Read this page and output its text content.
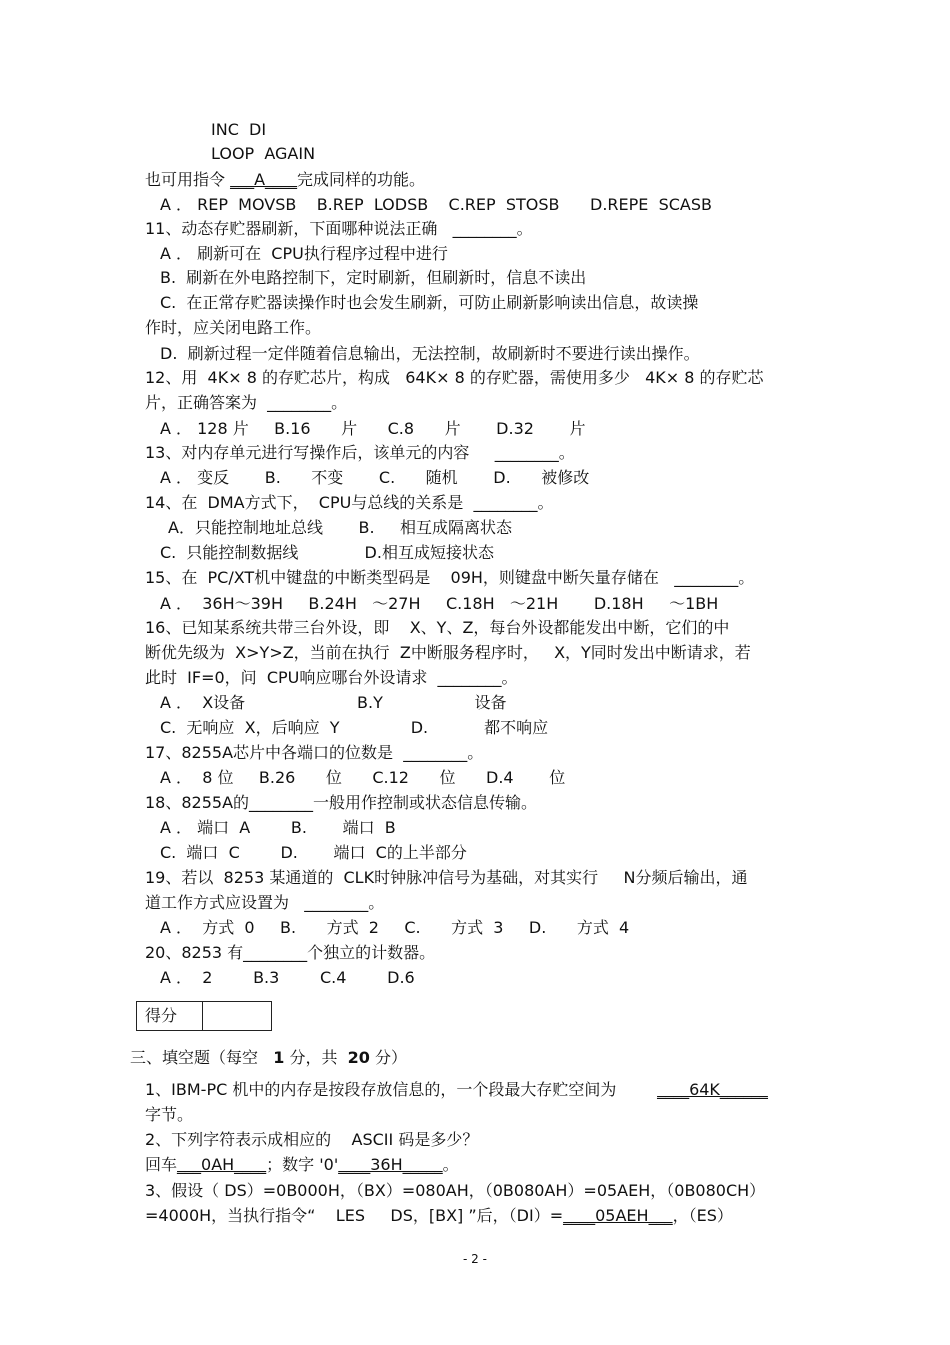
INC  DI
LOOP  AGAIN
也可用指令 ___A____完成同样的功能。
A ． REP  MOVSB    B.REP  LODSB    C.REP  STOSB      D.REPE  SCASB
11、动态存贮器刷新，下面哪种说法正确   ________。
A ． 刷新可在  CPU执行程序过程中进行
B.  刷新在外电路控制下，定时刷新，但刷新时，信息不读出
C.  在正常存贮器读操作时也会发生刷新，可防止刷新影响读出信息，故读操
作时，应关闭电路工作。
D.  刷新过程一定伴随着信息输出，无法控制，故刷新时不要进行读出操作。
12、用  4K× 8 的存贮芯片，构成   64K× 8 的存贮器，需使用多少   4K× 8 的存贮芯
片，正确答案为  ________。
A ． 128 片     B.16      片      C.8      片       D.32       片
13、对内存单元进行写操作后，该单元的内容     ________。
A ． 变反       B.      不变       C.      随机       D.      被修改
14、在  DMA方式下，  CPU与总线的关系是  ________。
A．只能控制地址总线       B.     相互成隔离状态
C.  只能控制数据线             D.相互成短接状态
15、在  PC/XT机中键盘的中断类型码是    09H，则键盘中断矢量存储在   ________。
A ．  36H～39H     B.24H   ～27H     C.18H   ～21H       D.18H     ～1BH
16、已知某系统共带三台外设，即    X、Y、Z，每台外设都能发出中断，它们的中
断优先级为  X>Y>Z，当前在执行  Z中断服务程序时，   X，Y同时发出中断请求，若
此时  IF=0，问  CPU响应哪台外设请求  ________。
A ．  X设备                      B.Y                  设备
C.  无响应  X，后响应  Y              D.           都不响应
17、8255A芯片中各端口的位数是  ________。
A ．  8 位     B.26      位      C.12      位      D.4       位
18、8255A的________一般用作控制或状态信息传输。
A ． 端口  A        B.       端口  B
C.  端口  C        D.       端口  C的上半部分
19、若以  8253 某通道的  CLK时钟脉冲信号为基础，对其实行     N分频后输出，通
道工作方式应设置为   ________。
A ．  方式  0     B.      方式  2     C.      方式  3     D.      方式  4
20、8253 有________个独立的计数器。
A ．  2        B.3        C.4        D.6
得分
三、填空题（每空   1 分，共  20 分）
1、IBM-PC 机中的内存是按段存放信息的，一个段最大存贮空间为        ____64K______
字节。
2、下列字符表示成相应的    ASCII 码是多少？
回车___0AH____；数字 '0'____36H_____。
3、假设（ DS）=0B000H，（BX）=080AH，（0B080AH）=05AEH，（0B080CH）
=4000H，当执行指令“    LES     DS，[BX] ”后，（DI）=____05AEH___，（ES）
- 2 -
